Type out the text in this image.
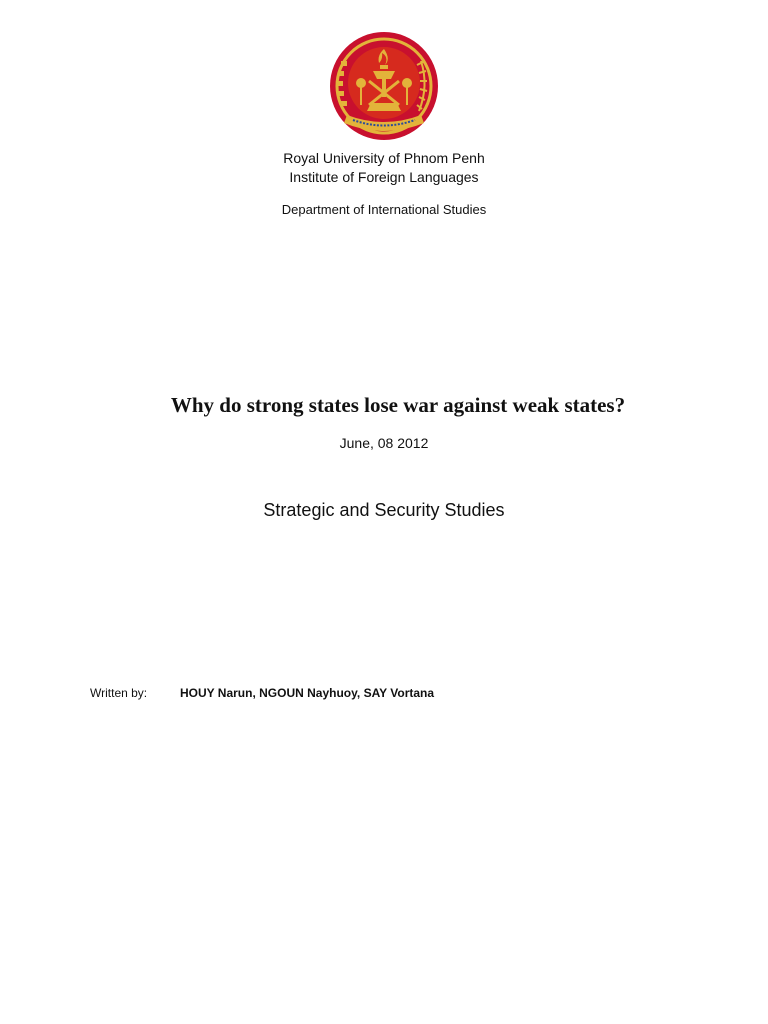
Royal University of Phnom Penh
Institute of Foreign Languages
Department of International Studies
Why do strong states lose war against weak states?
June, 08 2012
Strategic and Security Studies
Written by:	HOUY Narun, NGOUN Nayhuoy, SAY Vortana
